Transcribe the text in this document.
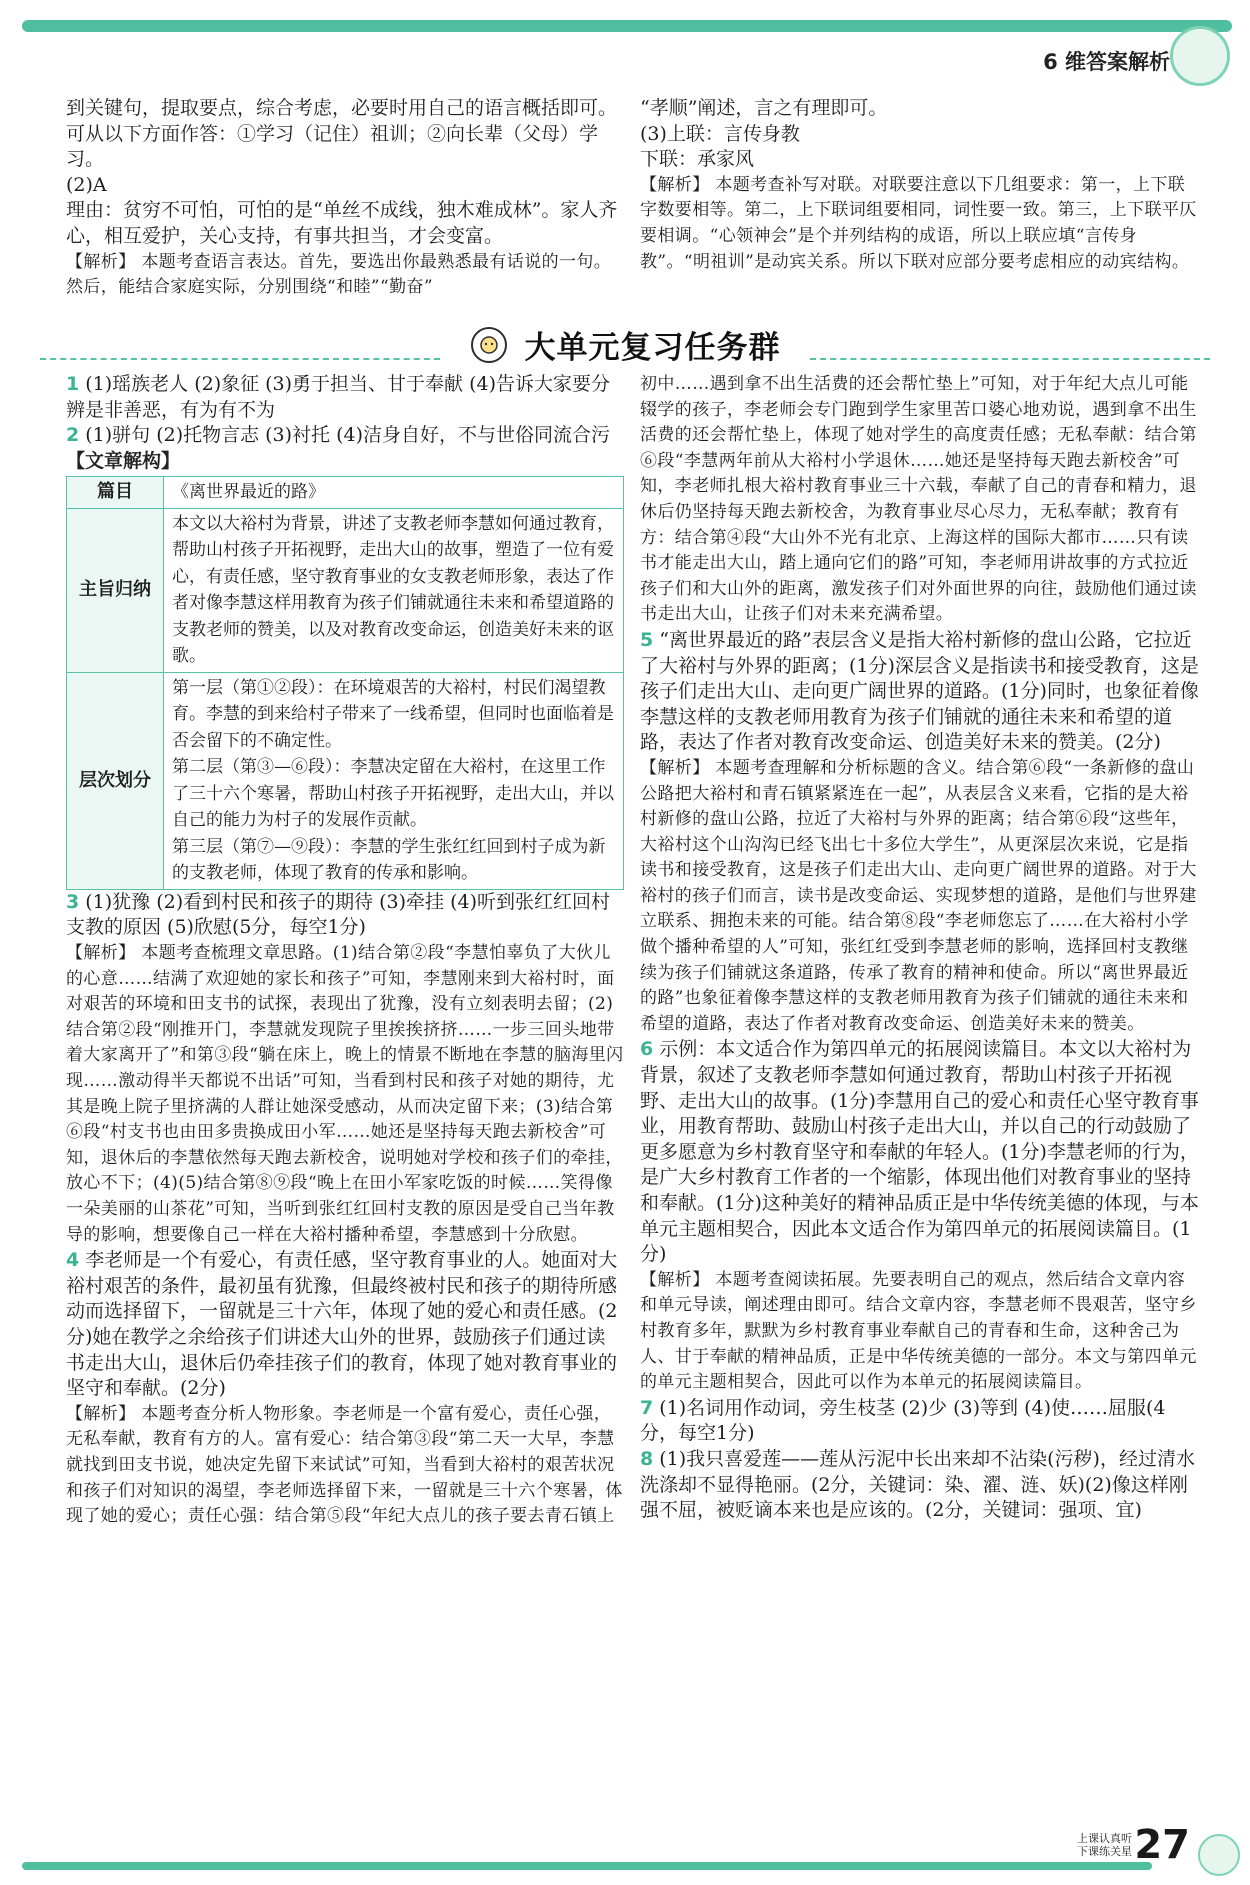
6 维答案解析

到关键句，提取要点，综合考虑，必要时用自己的语言概括即可。可从以下方面作答：①学习（记住）祖训；②向长辈（父母）学习。

(2)A

理由：贫穷不可怕，可怕的是“单丝不成线，独木难成林”。家人齐心，相互爱护，关心支持，有事共担当，才会变富。

【解析】 本题考查语言表达。首先，要选出你最熟悉最有话说的一句。然后，能结合家庭实际，分别围绕“和睦”“勤奋”

“孝顺”阐述，言之有理即可。

(3)上联：言传身教

下联：承家风

【解析】 本题考查补写对联。对联要注意以下几组要求：第一，上下联字数要相等。第二，上下联词组要相同，词性要一致。第三，上下联平仄要相调。“心领神会”是个并列结构的成语，所以上联应填“言传身教”。“明祖训”是动宾关系。所以下联对应部分要考虑相应的动宾结构。

大单元复习任务群

1 (1)瑶族老人 (2)象征 (3)勇于担当、甘于奉献 (4)告诉大家要分辨是非善恶，有为有不为

2 (1)骈句 (2)托物言志 (3)衬托 (4)洁身自好，不与世俗同流合污

【文章解构】

篇目	《离世界最近的路》
主旨归纳	本文以大裕村为背景，讲述了支教老师李慧如何通过教育，帮助山村孩子开拓视野，走出大山的故事，塑造了一位有爱心，有责任感，坚守教育事业的女支教老师形象，表达了作者对像李慧这样用教育为孩子们铺就通往未来和希望道路的支教老师的赞美，以及对教育改变命运，创造美好未来的讴歌。
层次划分	第一层（第①②段）：在环境艰苦的大裕村，村民们渴望教育。李慧的到来给村子带来了一线希望，但同时也面临着是否会留下的不确定性。
第二层（第③—⑥段）：李慧决定留在大裕村，在这里工作了三十六个寒暑，帮助山村孩子开拓视野，走出大山，并以自己的能力为村子的发展作贡献。
第三层（第⑦—⑨段）：李慧的学生张红红回到村子成为新的支教老师，体现了教育的传承和影响。

3 (1)犹豫 (2)看到村民和孩子的期待 (3)牵挂 (4)听到张红红回村支教的原因 (5)欣慰(5分，每空1分)

【解析】 本题考查梳理文章思路。(1)结合第②段“李慧怕辜负了大伙儿的心意……结满了欢迎她的家长和孩子”可知，李慧刚来到大裕村时，面对艰苦的环境和田支书的试探，表现出了犹豫，没有立刻表明去留；(2)结合第②段“刚推开门，李慧就发现院子里挨挨挤挤……一步三回头地带着大家离开了”和第③段“躺在床上，晚上的情景不断地在李慧的脑海里闪现……激动得半天都说不出话”可知，当看到村民和孩子对她的期待，尤其是晚上院子里挤满的人群让她深受感动，从而决定留下来；(3)结合第⑥段“村支书也由田多贵换成田小军……她还是坚持每天跑去新校舍”可知，退休后的李慧依然每天跑去新校舍，说明她对学校和孩子们的牵挂，放心不下；(4)(5)结合第⑧⑨段“晚上在田小军家吃饭的时候……笑得像一朵美丽的山茶花”可知，当听到张红红回村支教的原因是受自己当年教导的影响，想要像自己一样在大裕村播种希望，李慧感到十分欣慰。

4 李老师是一个有爱心，有责任感，坚守教育事业的人。她面对大裕村艰苦的条件，最初虽有犹豫，但最终被村民和孩子的期待所感动而选择留下，一留就是三十六年，体现了她的爱心和责任感。(2分)她在教学之余给孩子们讲述大山外的世界，鼓励孩子们通过读书走出大山，退休后仍牵挂孩子们的教育，体现了她对教育事业的坚守和奉献。(2分)

【解析】 本题考查分析人物形象。李老师是一个富有爱心，责任心强，无私奉献，教育有方的人。富有爱心：结合第③段“第二天一大早，李慧就找到田支书说，她决定先留下来试试”可知，当看到大裕村的艰苦状况和孩子们对知识的渴望，李老师选择留下来，一留就是三十六个寒暑，体现了她的爱心；责任心强：结合第⑤段“年纪大点儿的孩子要去青石镇上

初中……遇到拿不出生活费的还会帮忙垫上”可知，对于年纪大点儿可能辍学的孩子，李老师会专门跑到学生家里苦口婆心地劝说，遇到拿不出生活费的还会帮忙垫上，体现了她对学生的高度责任感；无私奉献：结合第⑥段“李慧两年前从大裕村小学退休……她还是坚持每天跑去新校舍”可知，李老师扎根大裕村教育事业三十六载，奉献了自己的青春和精力，退休后仍坚持每天跑去新校舍，为教育事业尽心尽力，无私奉献；教育有方：结合第④段“大山外不光有北京、上海这样的国际大都市……只有读书才能走出大山，踏上通向它们的路”可知，李老师用讲故事的方式拉近孩子们和大山外的距离，激发孩子们对外面世界的向往，鼓励他们通过读书走出大山，让孩子们对未来充满希望。

5 “离世界最近的路”表层含义是指大裕村新修的盘山公路，它拉近了大裕村与外界的距离；(1分)深层含义是指读书和接受教育，这是孩子们走出大山、走向更广阔世界的道路。(1分)同时，也象征着像李慧这样的支教老师用教育为孩子们铺就的通往未来和希望的道路，表达了作者对教育改变命运、创造美好未来的赞美。(2分)

【解析】 本题考查理解和分析标题的含义。结合第⑥段“一条新修的盘山公路把大裕村和青石镇紧紧连在一起”，从表层含义来看，它指的是大裕村新修的盘山公路，拉近了大裕村与外界的距离；结合第⑥段“这些年，大裕村这个山沟沟已经飞出七十多位大学生”，从更深层次来说，它是指读书和接受教育，这是孩子们走出大山、走向更广阔世界的道路。对于大裕村的孩子们而言，读书是改变命运、实现梦想的道路，是他们与世界建立联系、拥抱未来的可能。结合第⑧段“李老师您忘了……在大裕村小学做个播种希望的人”可知，张红红受到李慧老师的影响，选择回村支教继续为孩子们铺就这条道路，传承了教育的精神和使命。所以“离世界最近的路”也象征着像李慧这样的支教老师用教育为孩子们铺就的通往未来和希望的道路，表达了作者对教育改变命运、创造美好未来的赞美。

6 示例：本文适合作为第四单元的拓展阅读篇目。本文以大裕村为背景，叙述了支教老师李慧如何通过教育，帮助山村孩子开拓视野、走出大山的故事。(1分)李慧用自己的爱心和责任心坚守教育事业，用教育帮助、鼓励山村孩子走出大山，并以自己的行动鼓励了更多愿意为乡村教育坚守和奉献的年轻人。(1分)李慧老师的行为，是广大乡村教育工作者的一个缩影，体现出他们对教育事业的坚持和奉献。(1分)这种美好的精神品质正是中华传统美德的体现，与本单元主题相契合，因此本文适合作为第四单元的拓展阅读篇目。(1分)

【解析】 本题考查阅读拓展。先要表明自己的观点，然后结合文章内容和单元导读，阐述理由即可。结合文章内容，李慧老师不畏艰苦，坚守乡村教育多年，默默为乡村教育事业奉献自己的青春和生命，这种舍己为人、甘于奉献的精神品质，正是中华传统美德的一部分。本文与第四单元的单元主题相契合，因此可以作为本单元的拓展阅读篇目。

7 (1)名词用作动词，旁生枝茎 (2)少 (3)等到 (4)使……屈服(4分，每空1分)

8 (1)我只喜爱莲——莲从污泥中长出来却不沾染(污秽)，经过清水洗涤却不显得艳丽。(2分，关键词：染、濯、涟、妖)(2)像这样刚强不屈，被贬谪本来也是应该的。(2分，关键词：强项、宜)

上课认真听
下课练关星 27
